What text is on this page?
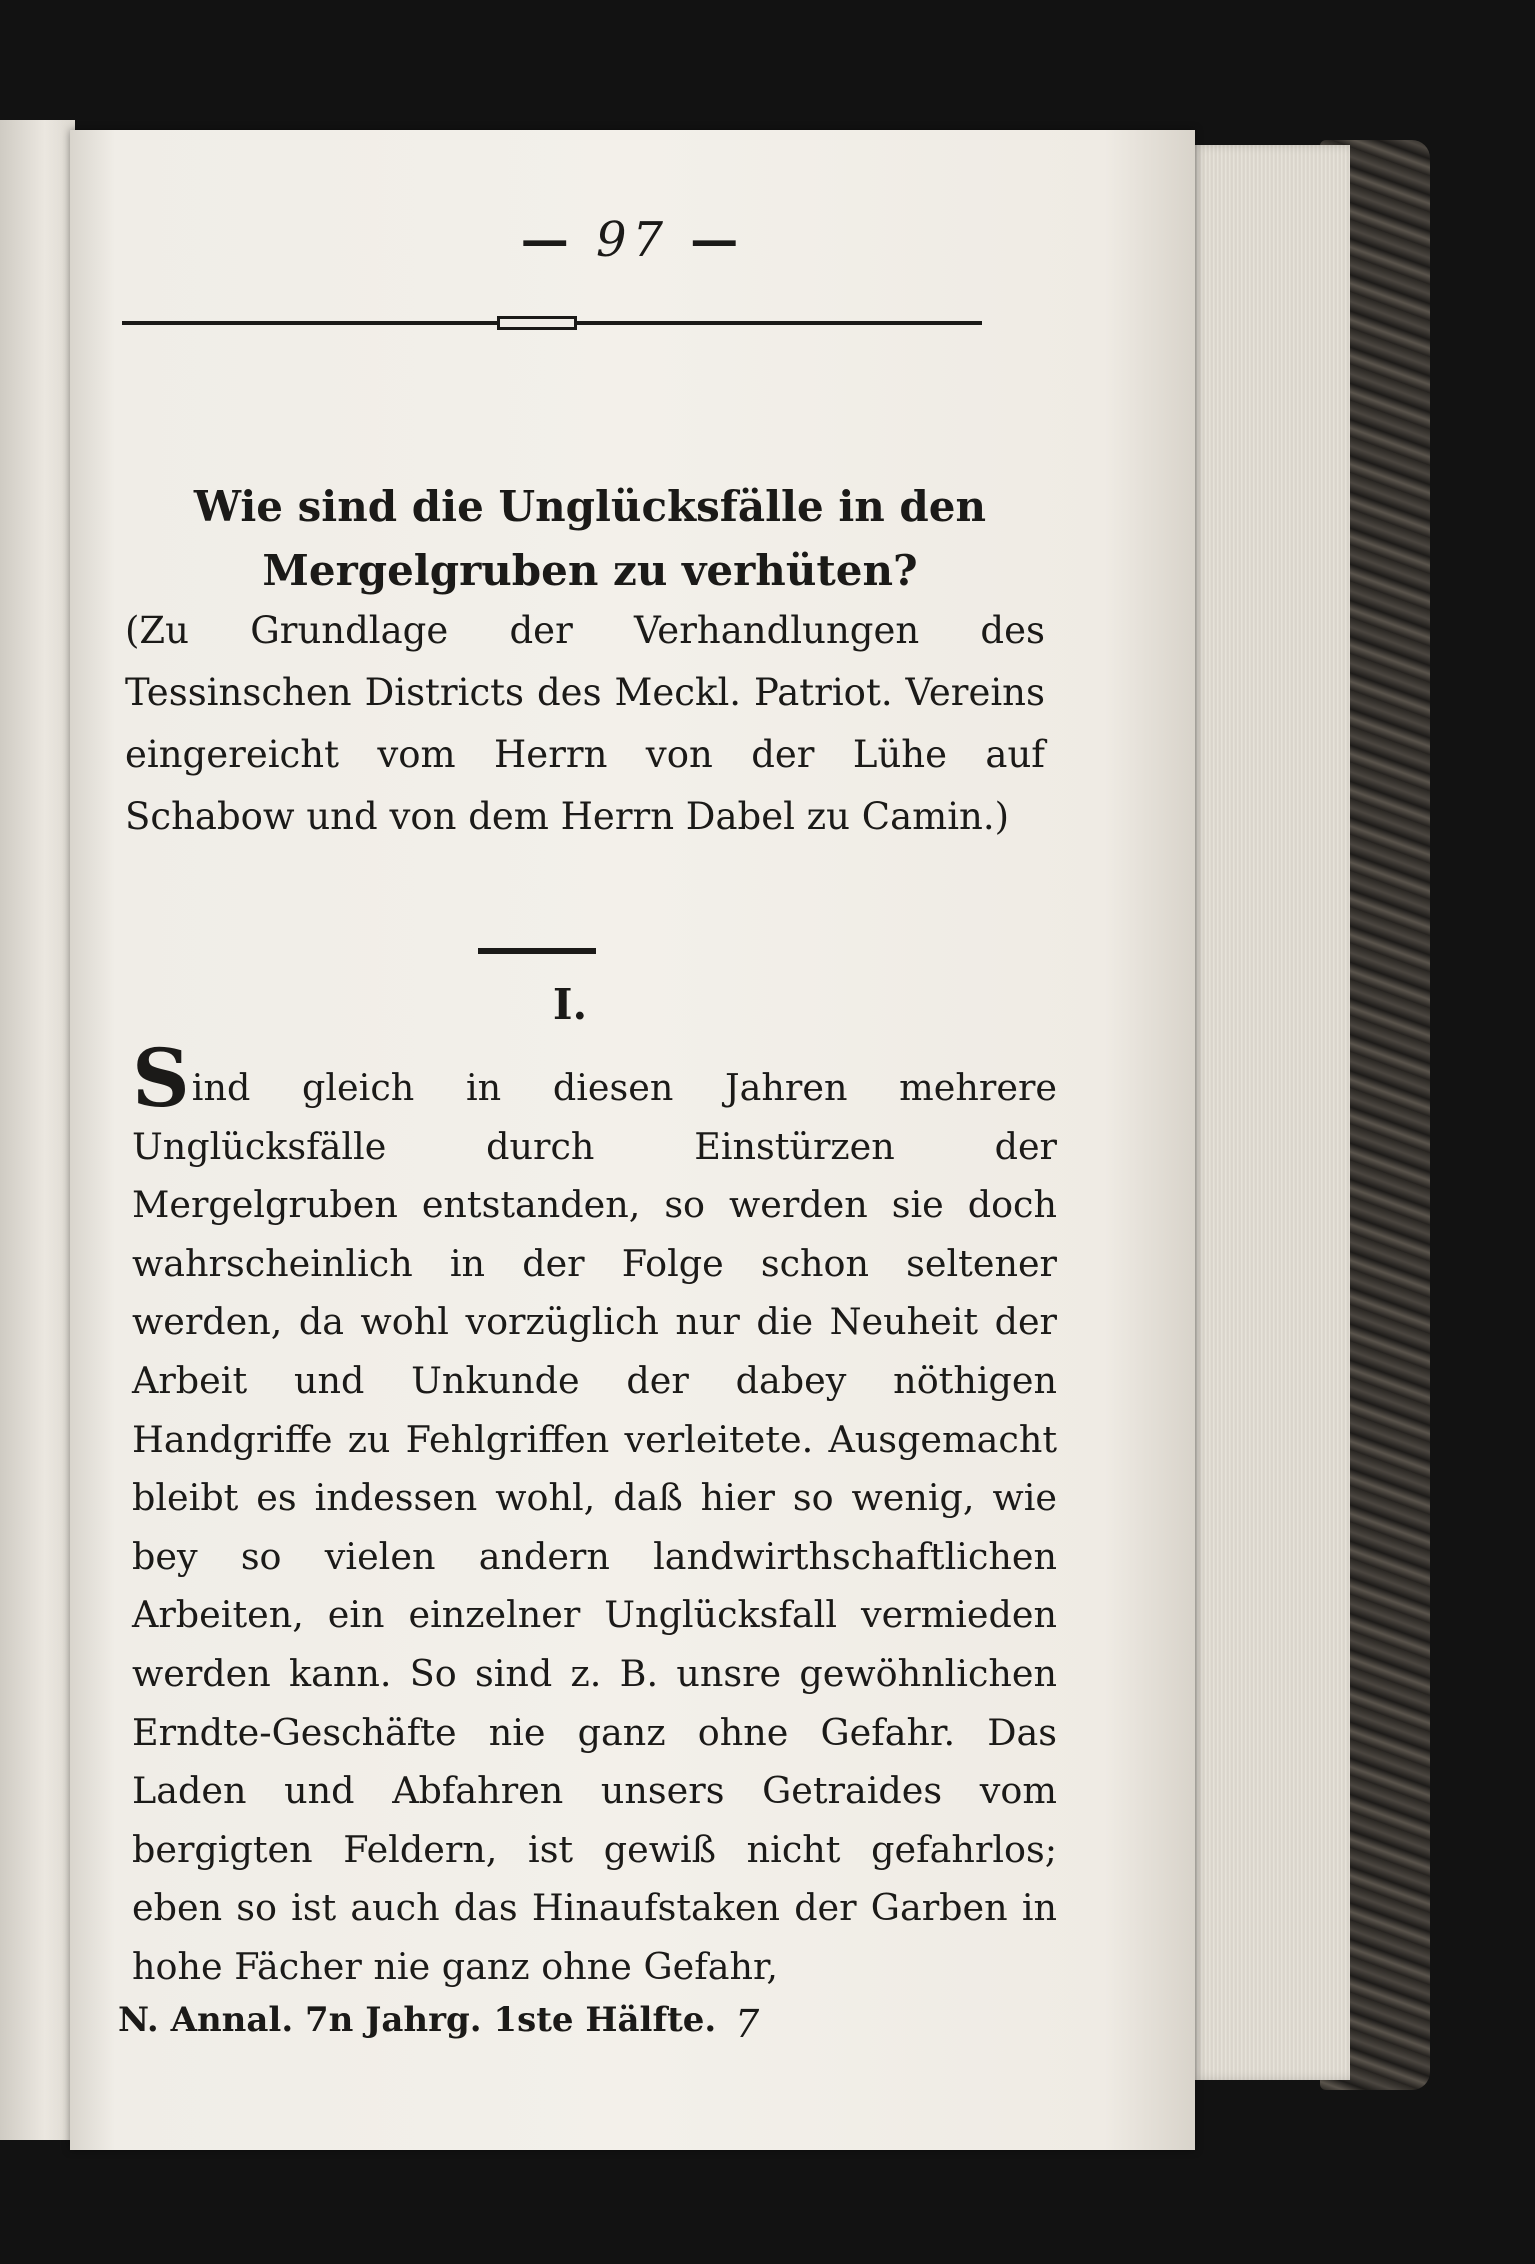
— 97 —
Wie sind die Unglücksfälle in den Mergelgruben zu verhüten?
(Zu Grundlage der Verhandlungen des Tessinschen Districts des Meckl. Patriot. Vereins eingereicht vom Herrn von der Lühe auf Schabow und von dem Herrn Dabel zu Camin.)
I.
Sind gleich in diesen Jahren mehrere Unglücksfälle durch Einstürzen der Mergelgruben entstanden, so werden sie doch wahrscheinlich in der Folge schon seltener werden, da wohl vorzüglich nur die Neuheit der Arbeit und Unkunde der dabey nöthigen Handgriffe zu Fehlgriffen verleitete. Ausgemacht bleibt es indessen wohl, daß hier so wenig, wie bey so vielen andern landwirthschaftlichen Arbeiten, ein einzelner Unglücksfall vermieden werden kann. So sind z. B. unsre gewöhnlichen Erndte-Geschäfte nie ganz ohne Gefahr. Das Laden und Abfahren unsers Getraides vom bergigten Feldern, ist gewiß nicht gefahrlos; eben so ist auch das Hinaufstaken der Garben in hohe Fächer nie ganz ohne Gefahr,
N. Annal. 7n Jahrg. 1ste Hälfte. 7
